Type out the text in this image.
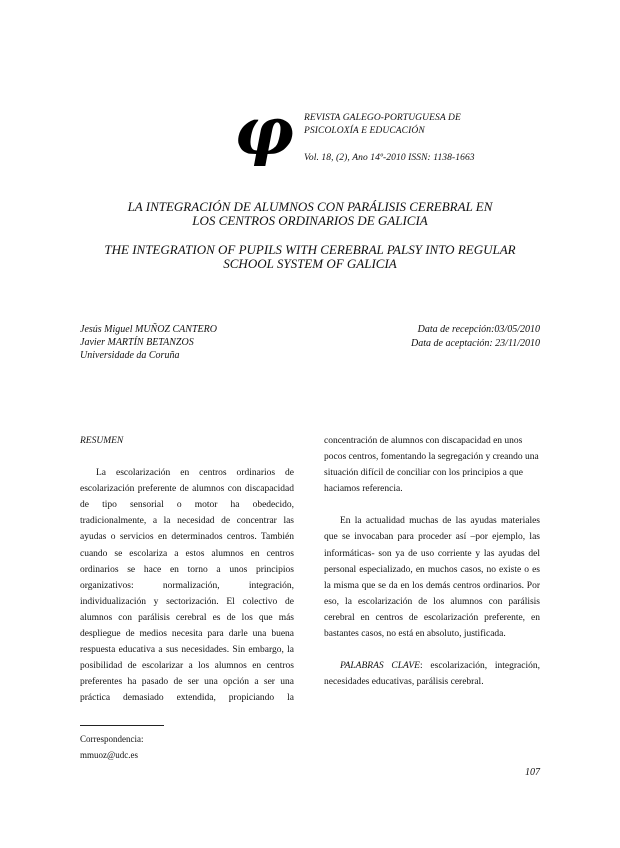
φ REVISTA GALEGO-PORTUGUESA DE
PSICOLOXÍA E EDUCACIÓN
Vol. 18, (2), Ano 14º-2010 ISSN: 1138-1663
LA INTEGRACIÓN DE ALUMNOS CON PARÁLISIS CEREBRAL EN
LOS CENTROS ORDINARIOS DE GALICIA
THE INTEGRATION OF PUPILS WITH CEREBRAL PALSY INTO REGULAR
SCHOOL SYSTEM OF GALICIA
Jesús Miguel MUÑOZ CANTERO
Javier MARTÍN BETANZOS
Universidade da Coruña
Data de recepción:03/05/2010
Data de aceptación: 23/11/2010

RESUMEN

La escolarización en centros ordinarios de escolarización preferente de alumnos con discapacidad de tipo sensorial o motor ha obedecido, tradicionalmente, a la necesidad de concentrar las ayudas o servicios en determinados centros. También cuando se escolariza a estos alumnos en centros ordinarios se hace en torno a unos principios organizativos: normalización, integración, individualización y sectorización. El colectivo de alumnos con parálisis cerebral es de los que más despliegue de medios necesita para darle una buena respuesta educativa a sus necesidades. Sin embargo, la posibilidad de escolarizar a los alumnos en centros preferentes ha pasado de ser una opción a ser una práctica demasiado extendida, propiciando la

concentración de alumnos con discapacidad en unos pocos centros, fomentando la segregación y creando una situación difícil de conciliar con los principios a que haciamos referencia.

En la actualidad muchas de las ayudas materiales que se invocaban para proceder así –por ejemplo, las informáticas- son ya de uso corriente y las ayudas del personal especializado, en muchos casos, no existe o es la misma que se da en los demás centros ordinarios. Por eso, la escolarización de los alumnos con parálisis cerebral en centros de escolarización preferente, en bastantes casos, no está en absoluto, justificada.

PALABRAS CLAVE: escolarización, integración, necesidades educativas, parálisis cerebral.

Correspondencia:
mmuoz@udc.es
107
